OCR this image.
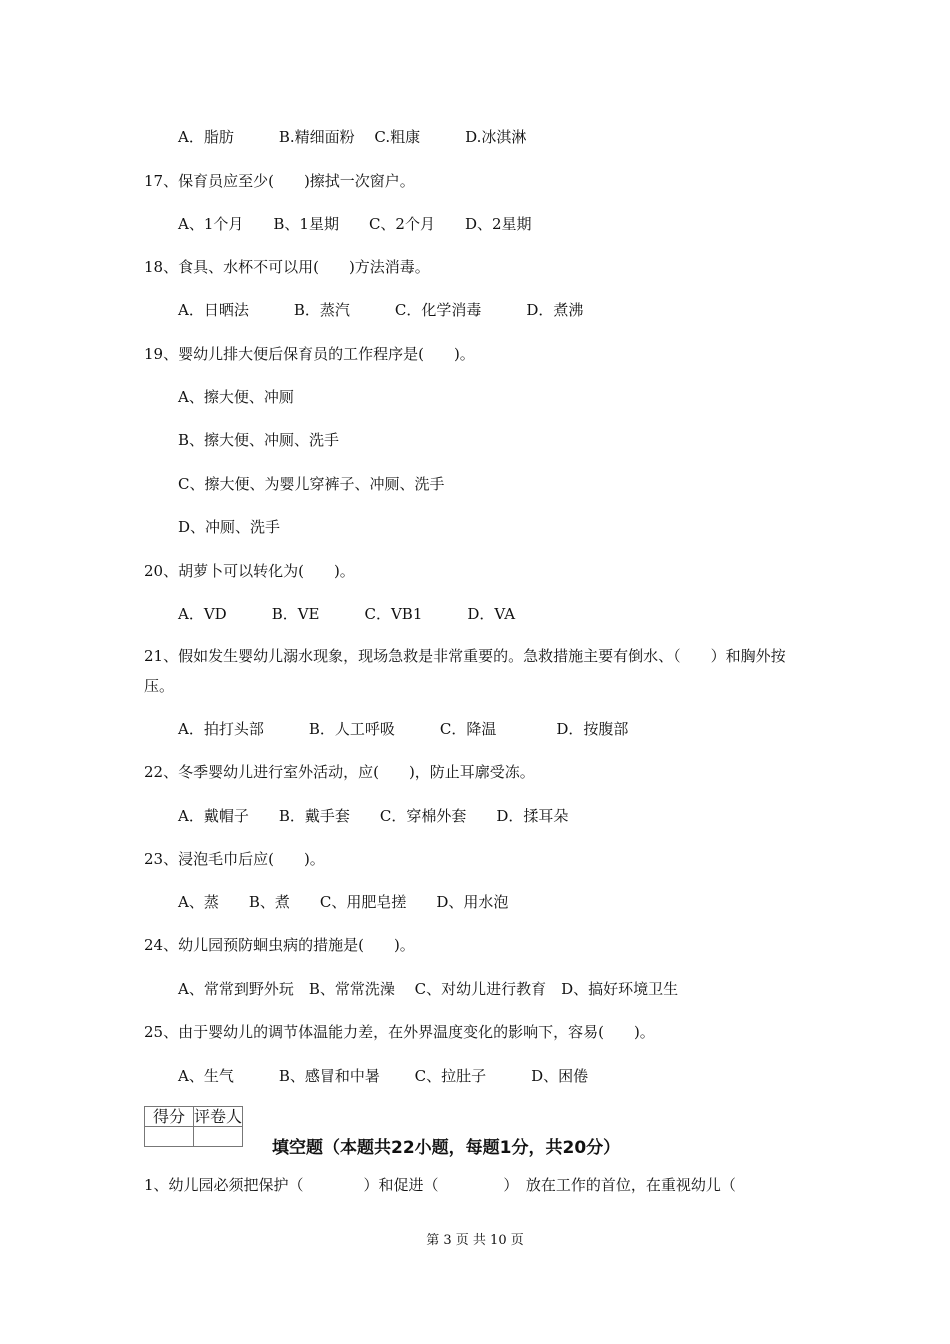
A．脂肪　　　B.精细面粉　 C.粗康　　　D.冰淇淋
17、保育员应至少(　　)擦拭一次窗户。
A、1个月　　B、1星期　　C、2个月　　D、2星期
18、食具、水杯不可以用(　　)方法消毒。
A．日晒法　　　B．蒸汽　　　C．化学消毒　　　D．煮沸
19、婴幼儿排大便后保育员的工作程序是(　　)。
A、擦大便、冲厕
B、擦大便、冲厕、洗手
C、擦大便、为婴儿穿裤子、冲厕、洗手
D、冲厕、洗手
20、胡萝卜可以转化为(　　)。
A．VD　　　B．VE　　　C．VB1　　　D．VA
21、假如发生婴幼儿溺水现象，现场急救是非常重要的。急救措施主要有倒水、（　　）和胸外按压。
A．拍打头部　　　B．人工呼吸　　　C．降温　　　　D．按腹部
22、冬季婴幼儿进行室外活动，应(　　)，防止耳廓受冻。
A．戴帽子　　B．戴手套　　C．穿棉外套　　D．揉耳朵
23、浸泡毛巾后应(　　)。
A、蒸　　B、煮　　C、用肥皂搓　　D、用水泡
24、幼儿园预防蛔虫病的措施是(　　)。
A、常常到野外玩　B、常常洗澡　 C、对幼儿进行教育　D、搞好环境卫生
25、由于婴幼儿的调节体温能力差，在外界温度变化的影响下，容易(　　)。
A、生气　　　B、感冒和中暑　　 C、拉肚子　　　D、困倦
得分	评卷人

填空题（本题共22小题，每题1分，共20分）
1、幼儿园必须把保护（　　　　）和促进（　　　　 ）　放在工作的首位，在重视幼儿（
第 3 页 共 10 页
